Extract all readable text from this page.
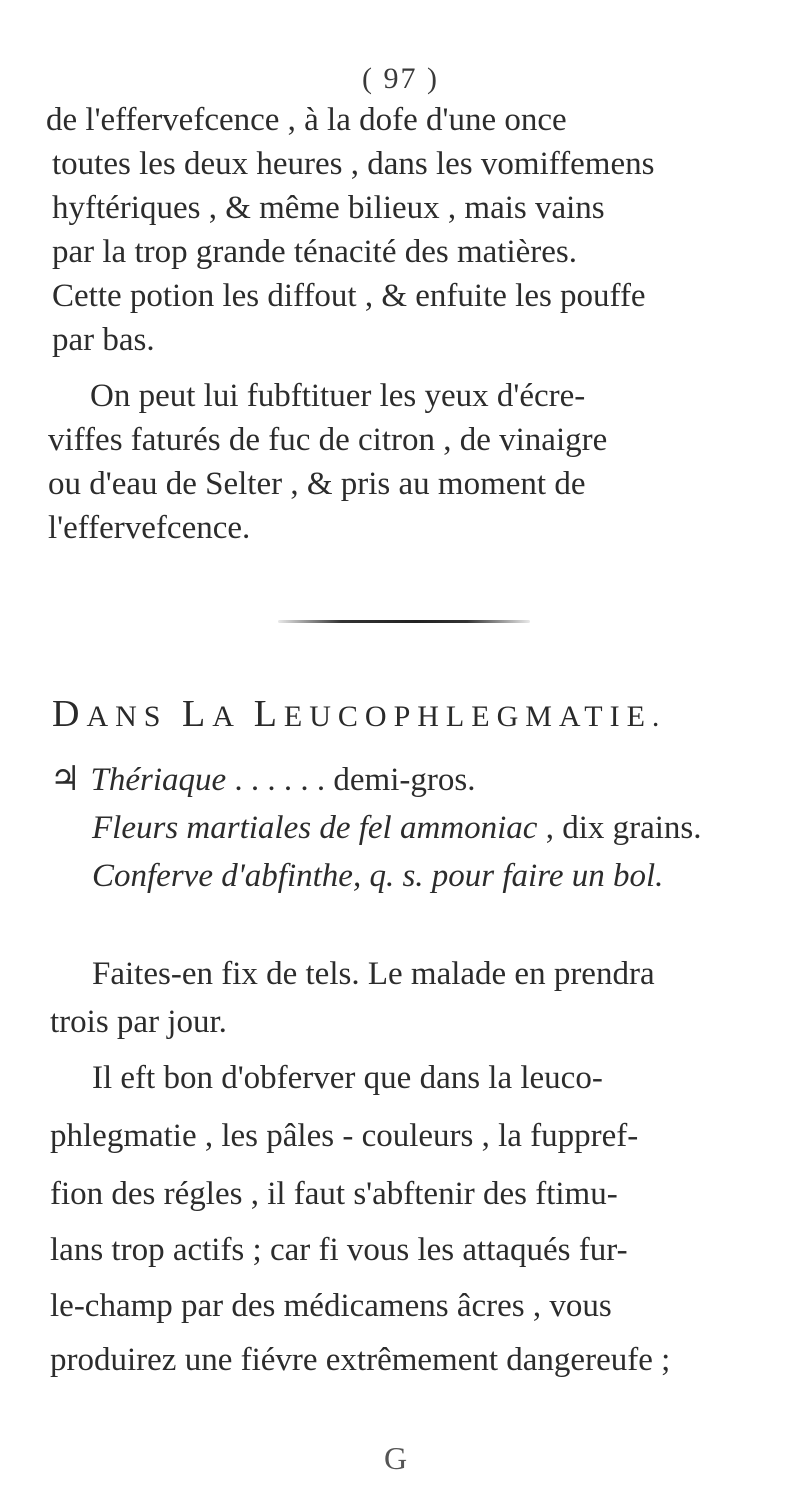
( 97 )
de l'effervefcence , à la dofe d'une once
toutes les deux heures , dans les vomiffemens
hyftériques , & même bilieux , mais vains
par la trop grande ténacité des matières.
Cette potion les diffout , & enfuite les pouffe
par bas.
On peut lui fubftituer les yeux d'écre-
viffes faturés de fuc de citron , de vinaigre
ou d'eau de Selter , & pris au moment de
l'effervefcence.
DANS LA LEUCOPHLEGMATIE.
♃ Thériaque . . . . . . demi-gros.
Fleurs martiales de fel ammoniac , dix grains.
Conferve d'abfinthe, q. s. pour faire un bol.
Faites-en fix de tels. Le malade en prendra
trois par jour.
Il eft bon d'obferver que dans la leuco-
phlegmatie , les pâles - couleurs , la fuppref-
fion des régles , il faut s'abftenir des ftimu-
lans trop actifs ; car fi vous les attaqués fur-
le-champ par des médicamens âcres , vous
produirez une fiévre extrêmement dangereufe ;
G
